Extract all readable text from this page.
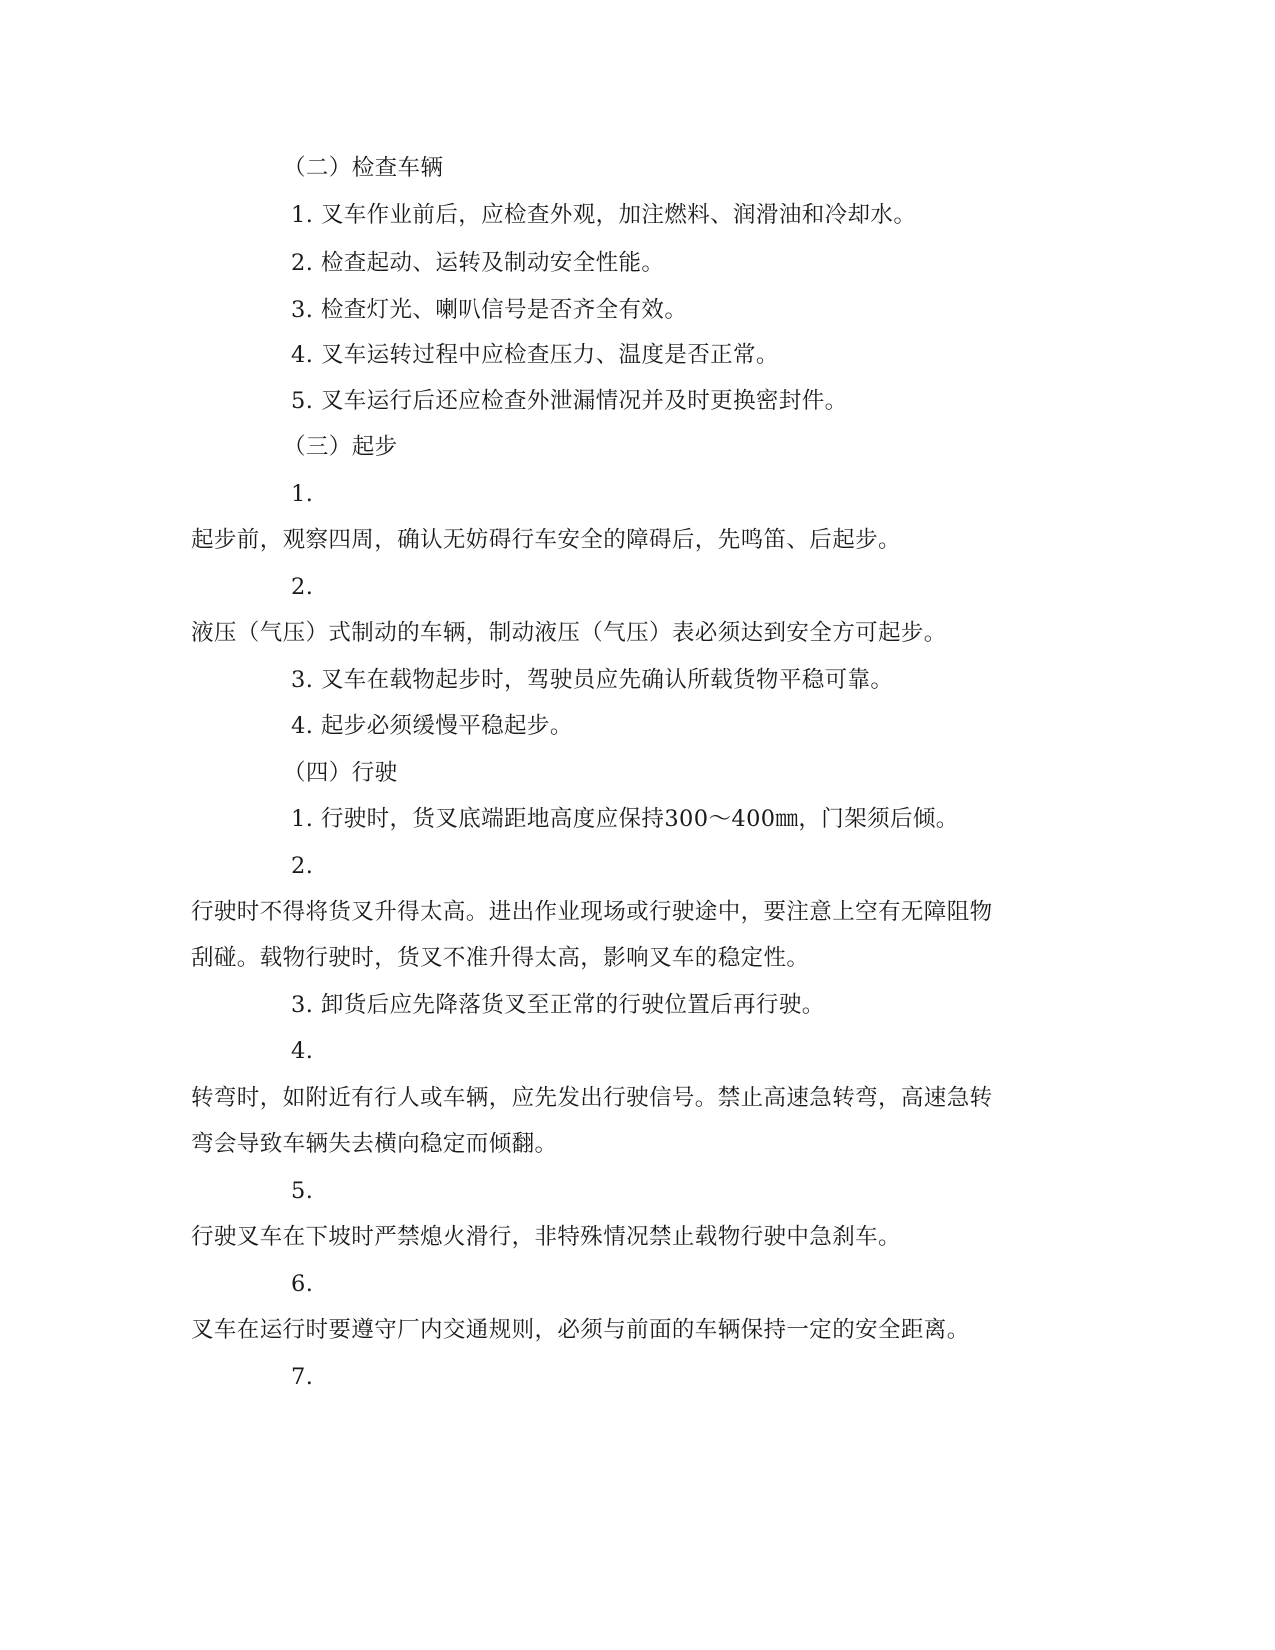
（二）检查车辆
1. 叉车作业前后，应检查外观，加注燃料、润滑油和冷却水。
2. 检查起动、运转及制动安全性能。
3. 检查灯光、喇叭信号是否齐全有效。
4. 叉车运转过程中应检查压力、温度是否正常。
5. 叉车运行后还应检查外泄漏情况并及时更换密封件。
（三）起步
1.
起步前，观察四周，确认无妨碍行车安全的障碍后，先鸣笛、后起步。
2.
液压（气压）式制动的车辆，制动液压（气压）表必须达到安全方可起步。
3. 叉车在载物起步时，驾驶员应先确认所载货物平稳可靠。
4. 起步必须缓慢平稳起步。
（四）行驶
1. 行驶时，货叉底端距地高度应保持300～400㎜，门架须后倾。
2.
行驶时不得将货叉升得太高。进出作业现场或行驶途中，要注意上空有无障阻物
刮碰。载物行驶时，货叉不准升得太高，影响叉车的稳定性。
3. 卸货后应先降落货叉至正常的行驶位置后再行驶。
4.
转弯时，如附近有行人或车辆，应先发出行驶信号。禁止高速急转弯，高速急转
弯会导致车辆失去横向稳定而倾翻。
5.
行驶叉车在下坡时严禁熄火滑行，非特殊情况禁止载物行驶中急刹车。
6.
叉车在运行时要遵守厂内交通规则，必须与前面的车辆保持一定的安全距离。
7.
